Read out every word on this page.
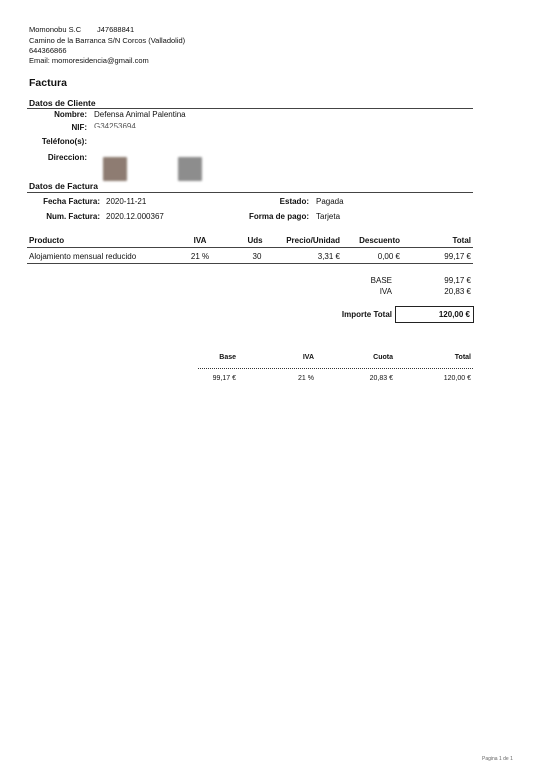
Momonobu S.C J47688841
Camino de la Barranca S/N Corcos (Valladolid)
644366866
Email: momoresidencia@gmail.com
Factura
Datos de Cliente
Nombre: Defensa Animal Palentina
NIF: G34253694
Teléfono(s):
Direccion:
Datos de Factura
Fecha Factura: 2020-11-21	Estado: Pagada
Num. Factura: 2020.12.000367	Forma de pago: Tarjeta
Producto	IVA	Uds	Precio/Unidad	Descuento	Total
Alojamiento mensual reducido	21 %	30	3,31 €	0,00 €	99,17 €
BASE	99,17 €
IVA	20,83 €
Importe Total	120,00 €
Base	IVA	Cuota	Total
99,17 €	21 %	20,83 €	120,00 €
Pagina 1 de 1
